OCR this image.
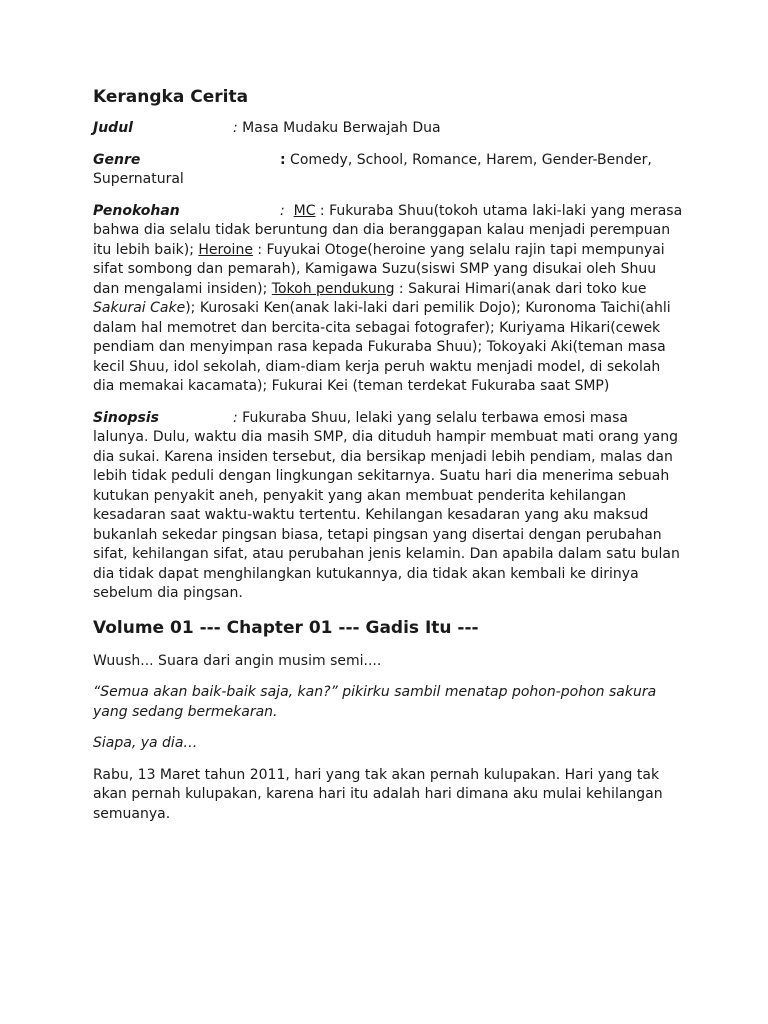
Kerangka Cerita

Judul	: Masa Mudaku Berwajah Dua

Genre	: Comedy, School, Romance, Harem, Gender-Bender, Supernatural

Penokohan	: MC : Fukuraba Shuu(tokoh utama laki-laki yang merasa bahwa dia selalu tidak beruntung dan dia beranggapan kalau menjadi perempuan itu lebih baik); Heroine : Fuyukai Otoge(heroine yang selalu rajin tapi mempunyai sifat sombong dan pemarah), Kamigawa Suzu(siswi SMP yang disukai oleh Shuu dan mengalami insiden); Tokoh pendukung : Sakurai Himari(anak dari toko kue Sakurai Cake); Kurosaki Ken(anak laki-laki dari pemilik Dojo); Kuronoma Taichi(ahli dalam hal memotret dan bercita-cita sebagai fotografer); Kuriyama Hikari(cewek pendiam dan menyimpan rasa kepada Fukuraba Shuu); Tokoyaki Aki(teman masa kecil Shuu, idol sekolah, diam-diam kerja peruh waktu menjadi model, di sekolah dia memakai kacamata); Fukurai Kei (teman terdekat Fukuraba saat SMP)

Sinopsis	: Fukuraba Shuu, lelaki yang selalu terbawa emosi masa lalunya. Dulu, waktu dia masih SMP, dia dituduh hampir membuat mati orang yang dia sukai. Karena insiden tersebut, dia bersikap menjadi lebih pendiam, malas dan lebih tidak peduli dengan lingkungan sekitarnya. Suatu hari dia menerima sebuah kutukan penyakit aneh, penyakit yang akan membuat penderita kehilangan kesadaran saat waktu-waktu tertentu. Kehilangan kesadaran yang aku maksud bukanlah sekedar pingsan biasa, tetapi pingsan yang disertai dengan perubahan sifat, kehilangan sifat, atau perubahan jenis kelamin. Dan apabila dalam satu bulan dia tidak dapat menghilangkan kutukannya, dia tidak akan kembali ke dirinya sebelum dia pingsan.

Volume 01 --- Chapter 01 --- Gadis Itu ---

Wuush... Suara dari angin musim semi....

“Semua akan baik-baik saja, kan?” pikirku sambil menatap pohon-pohon sakura yang sedang bermekaran.

Siapa, ya dia…

Rabu, 13 Maret tahun 2011, hari yang tak akan pernah kulupakan. Hari yang tak akan pernah kulupakan, karena hari itu adalah hari dimana aku mulai kehilangan semuanya.
